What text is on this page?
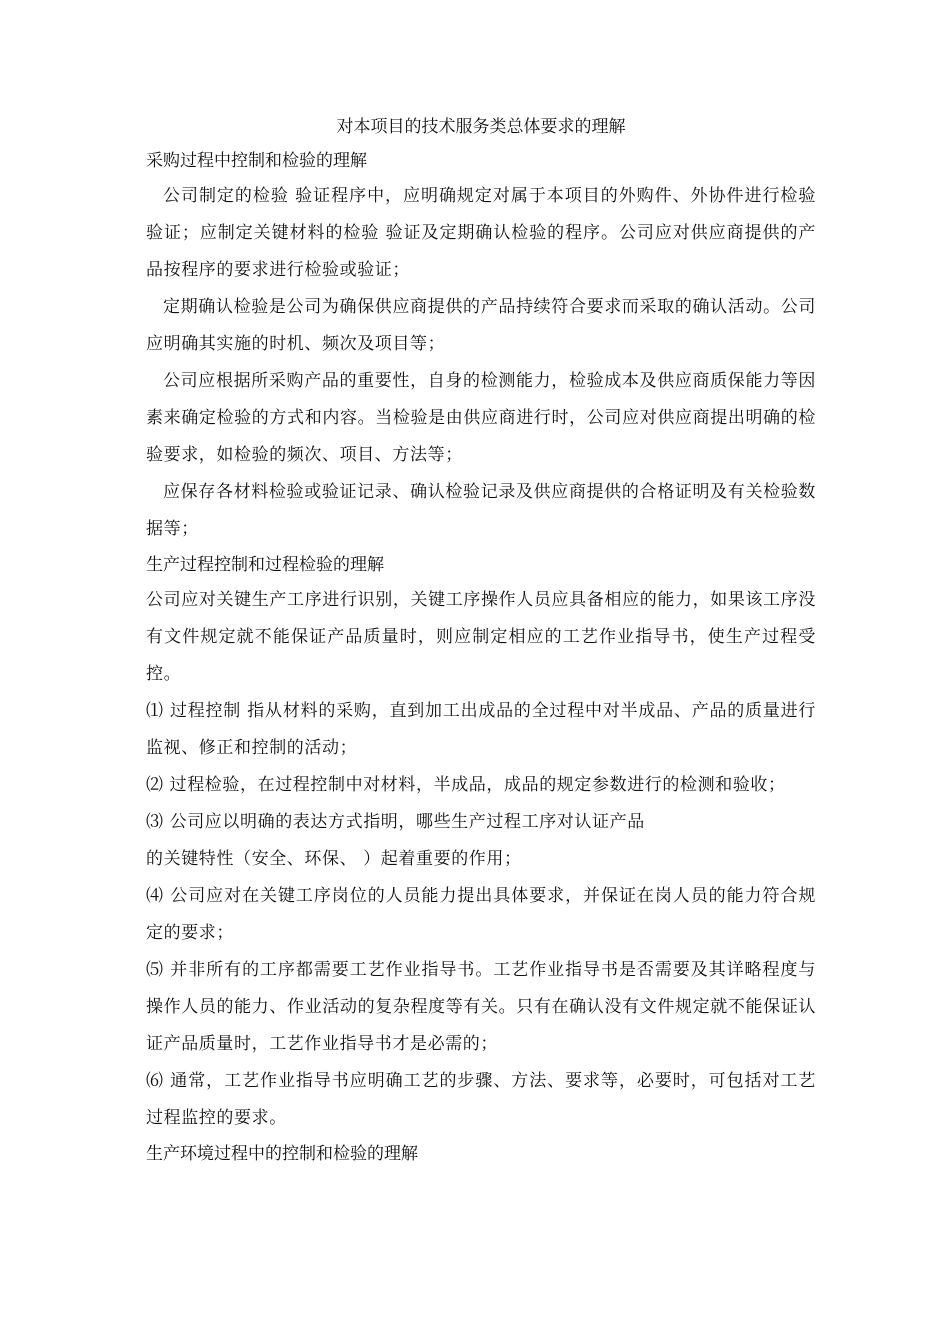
对本项目的技术服务类总体要求的理解

采购过程中控制和检验的理解

公司制定的检验 验证程序中，应明确规定对属于本项目的外购件、外协件进行检验 验证；应制定关键材料的检验 验证及定期确认检验的程序。公司应对供应商提供的产品按程序的要求进行检验或验证；

定期确认检验是公司为确保供应商提供的产品持续符合要求而采取的确认活动。公司应明确其实施的时机、频次及项目等；

公司应根据所采购产品的重要性，自身的检测能力，检验成本及供应商质保能力等因素来确定检验的方式和内容。当检验是由供应商进行时，公司应对供应商提出明确的检验要求，如检验的频次、项目、方法等；

应保存各材料检验或验证记录、确认检验记录及供应商提供的合格证明及有关检验数据等；

生产过程控制和过程检验的理解

公司应对关键生产工序进行识别，关键工序操作人员应具备相应的能力，如果该工序没有文件规定就不能保证产品质量时，则应制定相应的工艺作业指导书，使生产过程受控。

⑴ 过程控制 指从材料的采购，直到加工出成品的全过程中对半成品、产品的质量进行监视、修正和控制的活动；

⑵ 过程检验，在过程控制中对材料，半成品，成品的规定参数进行的检测和验收；

⑶ 公司应以明确的表达方式指明，哪些生产过程工序对认证产品

的关键特性（安全、环保、 ）起着重要的作用；

⑷ 公司应对在关键工序岗位的人员能力提出具体要求，并保证在岗人员的能力符合规定的要求；

⑸ 并非所有的工序都需要工艺作业指导书。工艺作业指导书是否需要及其详略程度与操作人员的能力、作业活动的复杂程度等有关。只有在确认没有文件规定就不能保证认证产品质量时，工艺作业指导书才是必需的；

⑹ 通常，工艺作业指导书应明确工艺的步骤、方法、要求等，必要时，可包括对工艺过程监控的要求。

生产环境过程中的控制和检验的理解
